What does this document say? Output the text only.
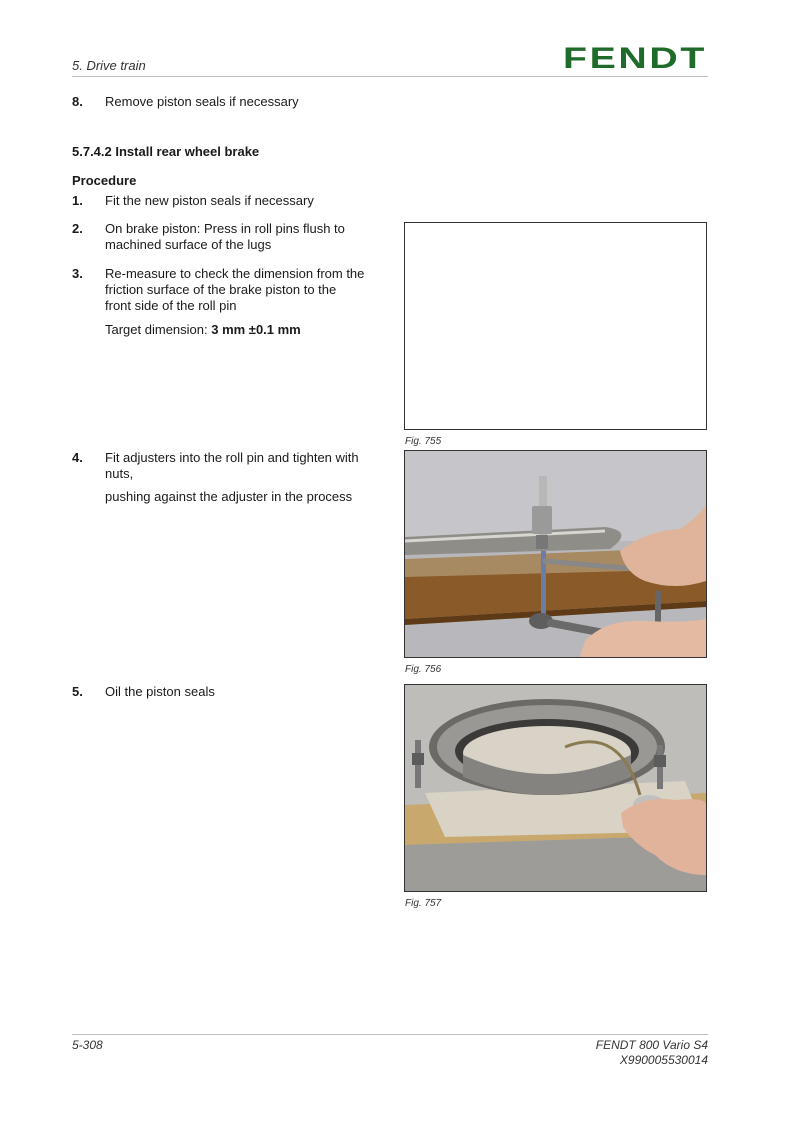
5. Drive train	FENDT
8. Remove piston seals if necessary
5.7.4.2 Install rear wheel brake
Procedure
1. Fit the new piston seals if necessary
2. On brake piston: Press in roll pins flush to
machined surface of the lugs
3. Re-measure to check the dimension from the
friction surface of the brake piston to the
front side of the roll pin
Target dimension: 3 mm ±0.1 mm
4. Fit adjusters into the roll pin and tighten with
nuts,
pushing against the adjuster in the process
5. Oil the piston seals
Fig. 755
Fig. 756
Fig. 757
5-308	FENDT 800 Vario S4
X990005530014
